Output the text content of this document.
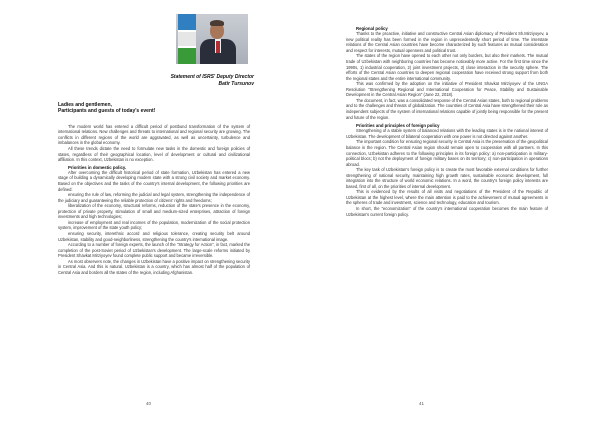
Statement of ISRS' Deputy Director
Batir Tursunov

Ladies and gentlemen,

Participants and guests of today's event!

The modern world has entered a difficult period of postbund transformation of the system of international relations. New challenges and threats to international and regional security are growing. The conflicts in different regions of the world are aggravated, as well as uncertainty, turbulence and imbalances in the global economy.

All these trends dictate the need to formulate new tasks in the domestic and foreign policies of states, regardless of their geographical location, level of development or cultural and civilizational affiliation. In this context, Uzbekistan is no exception.

Priorities in domestic policy.

After overcoming the difficult historical period of state formation, Uzbekistan has entered a new stage of building a dynamically developing modern state with a strong civil society and market economy. Based on the objectives and the tasks of the country's internal development, the following priorities are defined:

ensuring the rule of law, reforming the judicial and legal system, strengthening the independence of the judiciary and guaranteeing the reliable protection of citizens' rights and freedoms;

liberalization of the economy, structural reforms, reduction of the state's presence in the economy, protection of private property, stimulation of small and medium-sized enterprises, attraction of foreign investments and high technologies;

increase of employment and real incomes of the population, modernization of the social protection system, improvement of the state youth policy;

ensuring security, interethnic accord and religious tolerance, creating security belt around Uzbekistan, stability and good-neighborliness, strengthening the country's international image.

According to a number of foreign experts, the launch of the "Strategy for Action", in fact, marked the completion of the post-Soviet period of Uzbekistan's development. The large-scale reforms initiated by President Shavkat Mirziyoyev found complete public support and became irreversible.

As most observers note, the changes in Uzbekistan have a positive impact on strengthening security in Central Asia. And this is natural. Uzbekistan is a country, which has almost half of the population of Central Asia and borders all the states of the region, including Afghanistan.

40

Regional policy

Thanks to the proactive, initiative and constructive Central Asian diplomacy of President Sh.Mirziyoyev, a new political reality has been formed in the region in unprecedentedly short period of time. The interstate relations of the Central Asian countries have become characterized by such features as mutual consideration and respect for interests, mutual openness and political trust.

The states of the region have opened to each other not only borders, but also their markets. The mutual trade of Uzbekistan with neighboring countries has become noticeably more active. For the first time since the 1990s, 1) industrial cooperation, 2) joint investment projects, 3) close interaction in the security sphere. The efforts of the Central Asian countries to deepen regional cooperation have received strong support from both the regional states and the entire international community.

This was confirmed by the adoption on the initiative of President Shavkat Mirziyoyev of the UNGA Resolution "Strengthening Regional and International Cooperation for Peace, Stability and Sustainable Development in the Central Asian Region" (June 22, 2018).

The document, in fact, was a consolidated response of the Central Asian states, both to regional problems and to the challenges and threats of globalization. The countries of Central Asia have strengthened their role as independent subjects of the system of international relations capable of jointly being responsible for the present and future of the region.

Priorities and principles of foreign policy

Strengthening of a stable system of balanced relations with the leading states is in the national interest of Uzbekistan. The development of bilateral cooperation with one power is not directed against another.

The important condition for ensuring regional security in Central Asia is the preservation of the geopolitical balance in the region. The Central Asian region should remain open to cooperation with all partners. In this connection, Uzbekistan adheres to the following principles in its foreign policy: a) non-participation in military-political blocs; b) not the deployment of foreign military bases on its territory; c) non-participation in operations abroad.

The key task of Uzbekistan's foreign policy is to create the most favorable external conditions for further strengthening of national security, maintaining high growth rates, sustainable economic development, full integration into the structure of world economic relations. In a word, the country's foreign policy interests are based, first of all, on the priorities of internal development.

This is evidenced by the results of all visits and negotiations of the President of the Republic of Uzbekistan at the highest level, where the main attention is paid to the achievement of mutual agreements in the spheres of trade and investment, science and technology, education and tourism.

In short, the "economization" of the country's international cooperation becomes the main feature of Uzbekistan's current foreign policy.

41
